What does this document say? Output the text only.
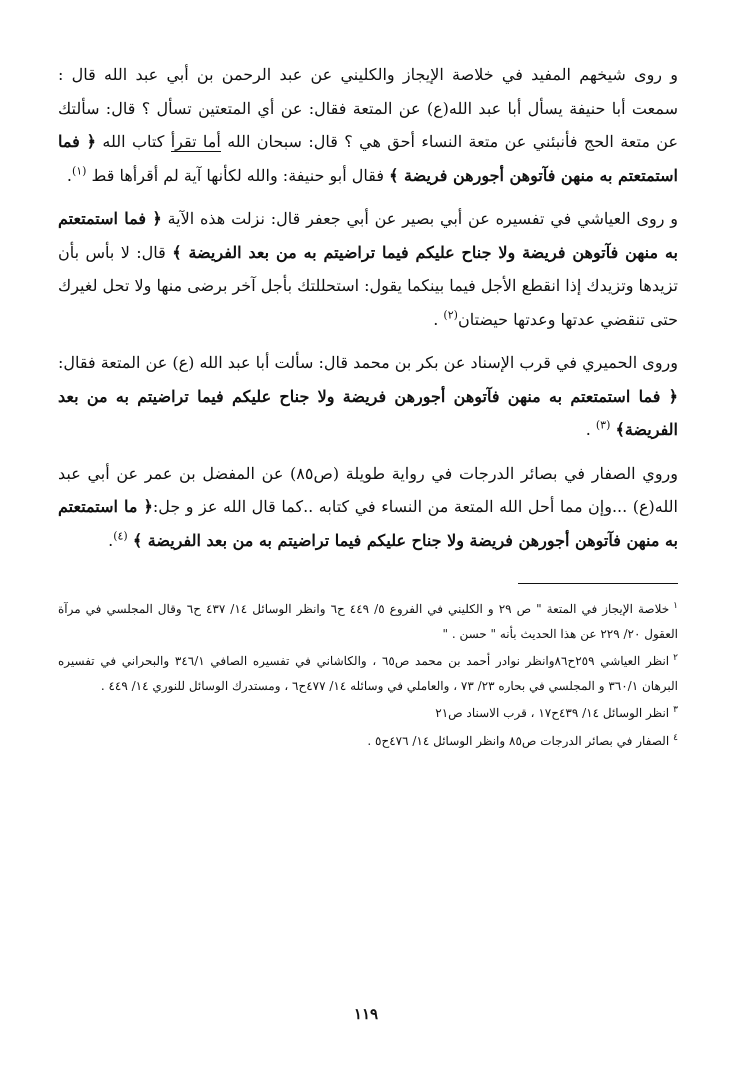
و روى شيخهم المفيد في خلاصة الإيجاز والكليني عن عبد الرحمن بن أبي عبد الله قال : سمعت أبا حنيفة يسأل أبا عبد الله(ع) عن المتعة فقال: عن أي المتعتين تسأل ؟ قال: سألتك عن متعة الحج فأنبئني عن متعة النساء أحق هي ؟ قال: سبحان الله أما تقرأ كتاب الله ﴿ فما استمتعتم به منهن فآتوهن أجورهن فريضة ﴾ فقال أبو حنيفة: والله لكأنها آية لم أقرأها قط $^{(١)}$.

و روى العياشي في تفسيره عن أبي بصير عن أبي جعفر قال: نزلت هذه الآية ﴿ فما استمتعتم به منهن فآتوهن فريضة ولا جناح عليكم فيما تراضيتم به من بعد الفريضة ﴾ قال: لا بأس بأن تزيدها وتزيدك إذا انقطع الأجل فيما بينكما يقول: استحللتك بأجل آخر برضى منها ولا تحل لغيرك حتى تنقضي عدتها وعدتها حيضتان$^{(٢)}$ .

وروى الحميري في قرب الإسناد عن بكر بن محمد قال: سألت أبا عبد الله (ع) عن المتعة فقال: ﴿ فما استمتعتم به منهن فآتوهن أجورهن فريضة ولا جناح عليكم فيما تراضيتم به من بعد الفريضة﴾ $^{(٣)}$ .

وروي الصفار في بصائر الدرجات في رواية طويلة (ص٨٥) عن المفضل بن عمر عن أبي عبد الله(ع) ...وإن مما أحل الله المتعة من النساء في كتابه ..كما قال الله عز و جل:﴿ ما استمتعتم به منهن فآتوهن أجورهن فريضة ولا جناح عليكم فيما تراضيتم به من بعد الفريضة ﴾ $^{(٤)}$.

$^١$خلاصة الإيجاز في المتعة " ص ٢٩ و الكليني في الفروع ٥/ ٤٤٩ ح٦ وانظر الوسائل ١٤/ ٤٣٧ ح٦ وقال المجلسي في مرآة العقول ٢٠/ ٢٢٩ عن هذا الحديث بأنه " حسن . "

$^٢$انظر العياشي ٢٥٩ح٨٦وانظر نوادر أحمد بن محمد ص٦٥ ، والكاشاني في تفسيره الصافي ٣٤٦/١ والبحراني في تفسيره البرهان ٣٦٠/١ و المجلسي في بحاره ٢٣/ ٧٣ ، والعاملي في وسائله ١٤/ ٤٧٧ح٦ ، ومستدرك الوسائل للنوري ١٤/ ٤٤٩ .

$^٣$انظر الوسائل ١٤/ ٤٣٩ح١٧ ، قرب الاسناد ص٢١

$^٤$الصفار في بصائر الدرجات ص٨٥ وانظر الوسائل ١٤/ ٤٧٦ح٥ .

١١٩
